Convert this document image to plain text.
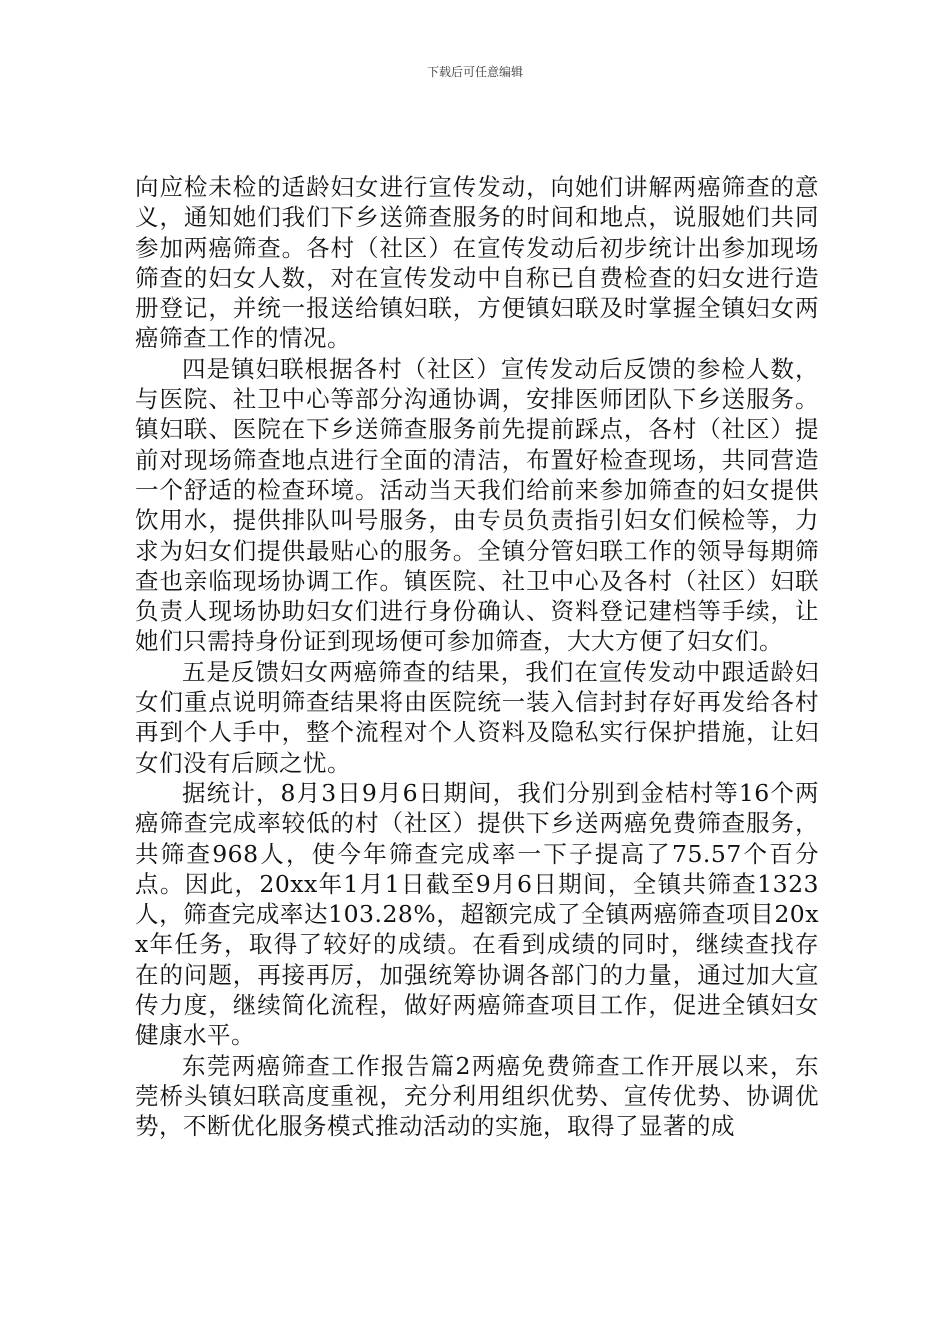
下载后可任意编辑

向应检未检的适龄妇女进行宣传发动，向她们讲解两癌筛查的意义，通知她们我们下乡送筛查服务的时间和地点，说服她们共同参加两癌筛查。各村（社区）在宣传发动后初步统计出参加现场筛查的妇女人数，对在宣传发动中自称已自费检查的妇女进行造册登记，并统一报送给镇妇联，方便镇妇联及时掌握全镇妇女两癌筛查工作的情况。

四是镇妇联根据各村（社区）宣传发动后反馈的参检人数，与医院、社卫中心等部分沟通协调，安排医师团队下乡送服务。镇妇联、医院在下乡送筛查服务前先提前踩点，各村（社区）提前对现场筛查地点进行全面的清洁，布置好检查现场，共同营造一个舒适的检查环境。活动当天我们给前来参加筛查的妇女提供饮用水，提供排队叫号服务，由专员负责指引妇女们候检等，力求为妇女们提供最贴心的服务。全镇分管妇联工作的领导每期筛查也亲临现场协调工作。镇医院、社卫中心及各村（社区）妇联负责人现场协助妇女们进行身份确认、资料登记建档等手续，让她们只需持身份证到现场便可参加筛查，大大方便了妇女们。

五是反馈妇女两癌筛查的结果，我们在宣传发动中跟适龄妇女们重点说明筛查结果将由医院统一装入信封封存好再发给各村再到个人手中，整个流程对个人资料及隐私实行保护措施，让妇女们没有后顾之忧。

据统计，8月3日9月6日期间，我们分别到金桔村等16个两癌筛查完成率较低的村（社区）提供下乡送两癌免费筛查服务，共筛查968人，使今年筛查完成率一下子提高了75.57个百分点。因此，20xx年1月1日截至9月6日期间，全镇共筛查1323人，筛查完成率达103.28%，超额完成了全镇两癌筛查项目20xx年任务，取得了较好的成绩。在看到成绩的同时，继续查找存在的问题，再接再厉，加强统筹协调各部门的力量，通过加大宣传力度，继续简化流程，做好两癌筛查项目工作，促进全镇妇女健康水平。

东莞两癌筛查工作报告篇2两癌免费筛查工作开展以来，东莞桥头镇妇联高度重视，充分利用组织优势、宣传优势、协调优势，不断优化服务模式推动活动的实施，取得了显著的成
